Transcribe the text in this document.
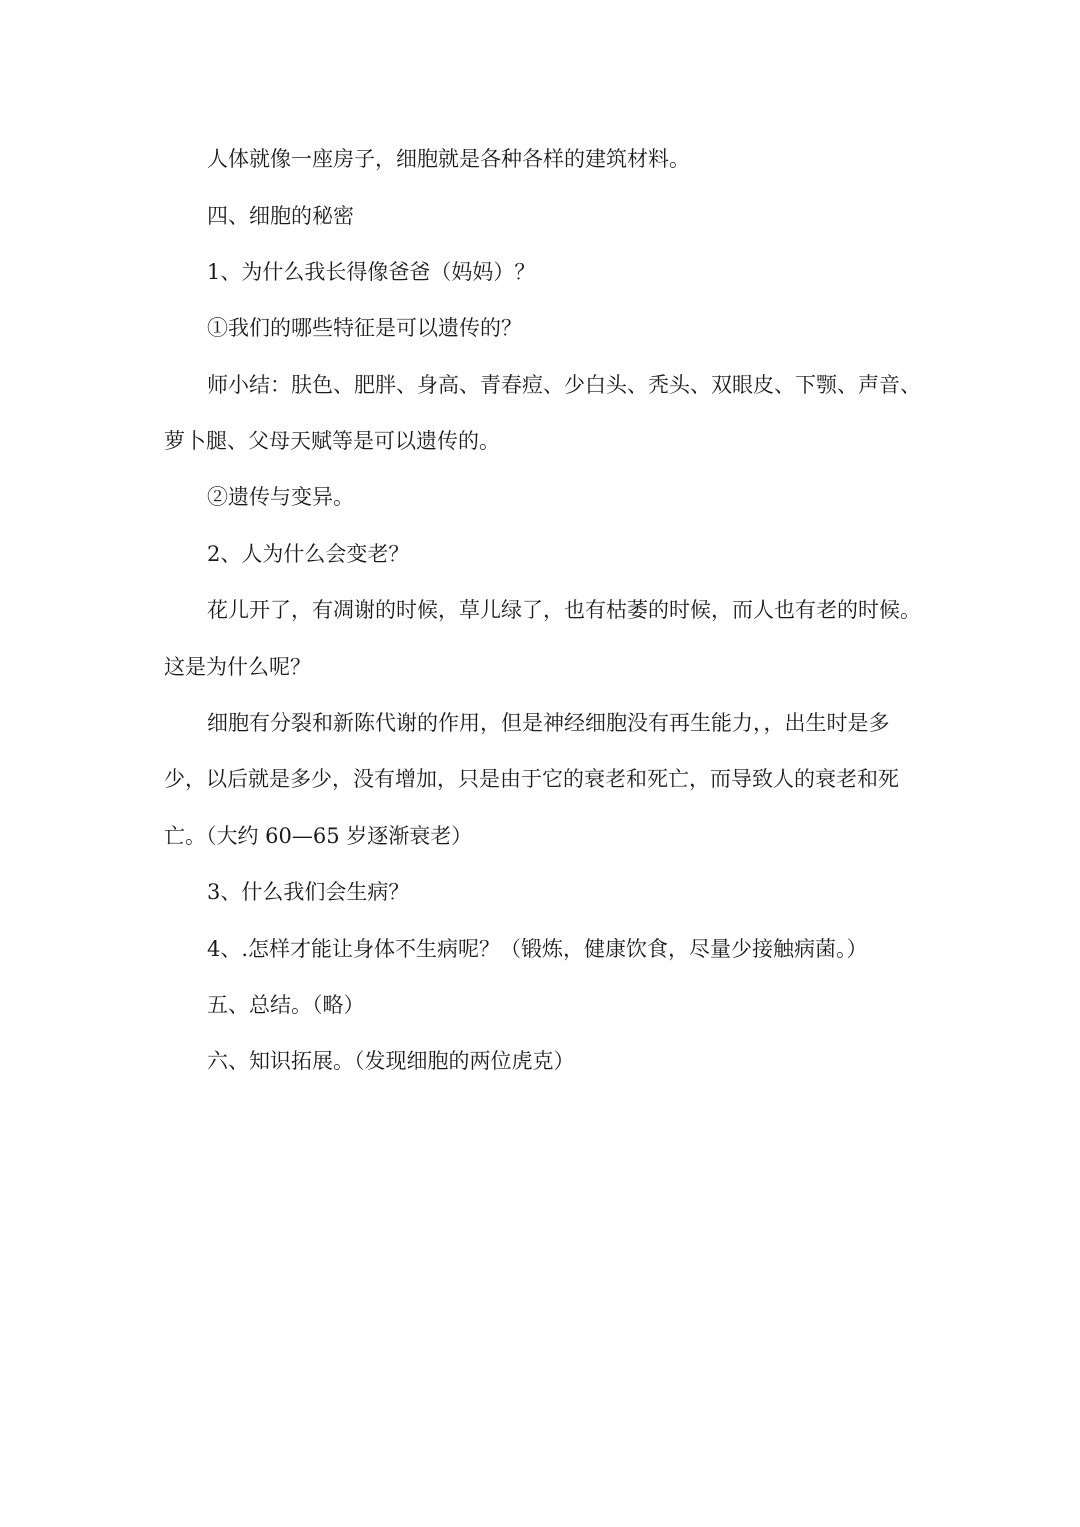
人体就像一座房子，细胞就是各种各样的建筑材料。
四、细胞的秘密
1、为什么我长得像爸爸（妈妈）？
①我们的哪些特征是可以遗传的？
师小结：肤色、肥胖、身高、青春痘、少白头、秃头、双眼皮、下颚、声音、
萝卜腿、父母天赋等是可以遗传的。
②遗传与变异。
2、人为什么会变老？
花儿开了，有凋谢的时候，草儿绿了，也有枯萎的时候，而人也有老的时候。
这是为什么呢？
细胞有分裂和新陈代谢的作用，但是神经细胞没有再生能力，，出生时是多
少，以后就是多少，没有增加，只是由于它的衰老和死亡，而导致人的衰老和死
亡。（大约 60—65 岁逐渐衰老）
3、什么我们会生病？
4、.怎样才能让身体不生病呢？（锻炼，健康饮食，尽量少接触病菌。）
五、总结。（略）
六、知识拓展。（发现细胞的两位虎克）
